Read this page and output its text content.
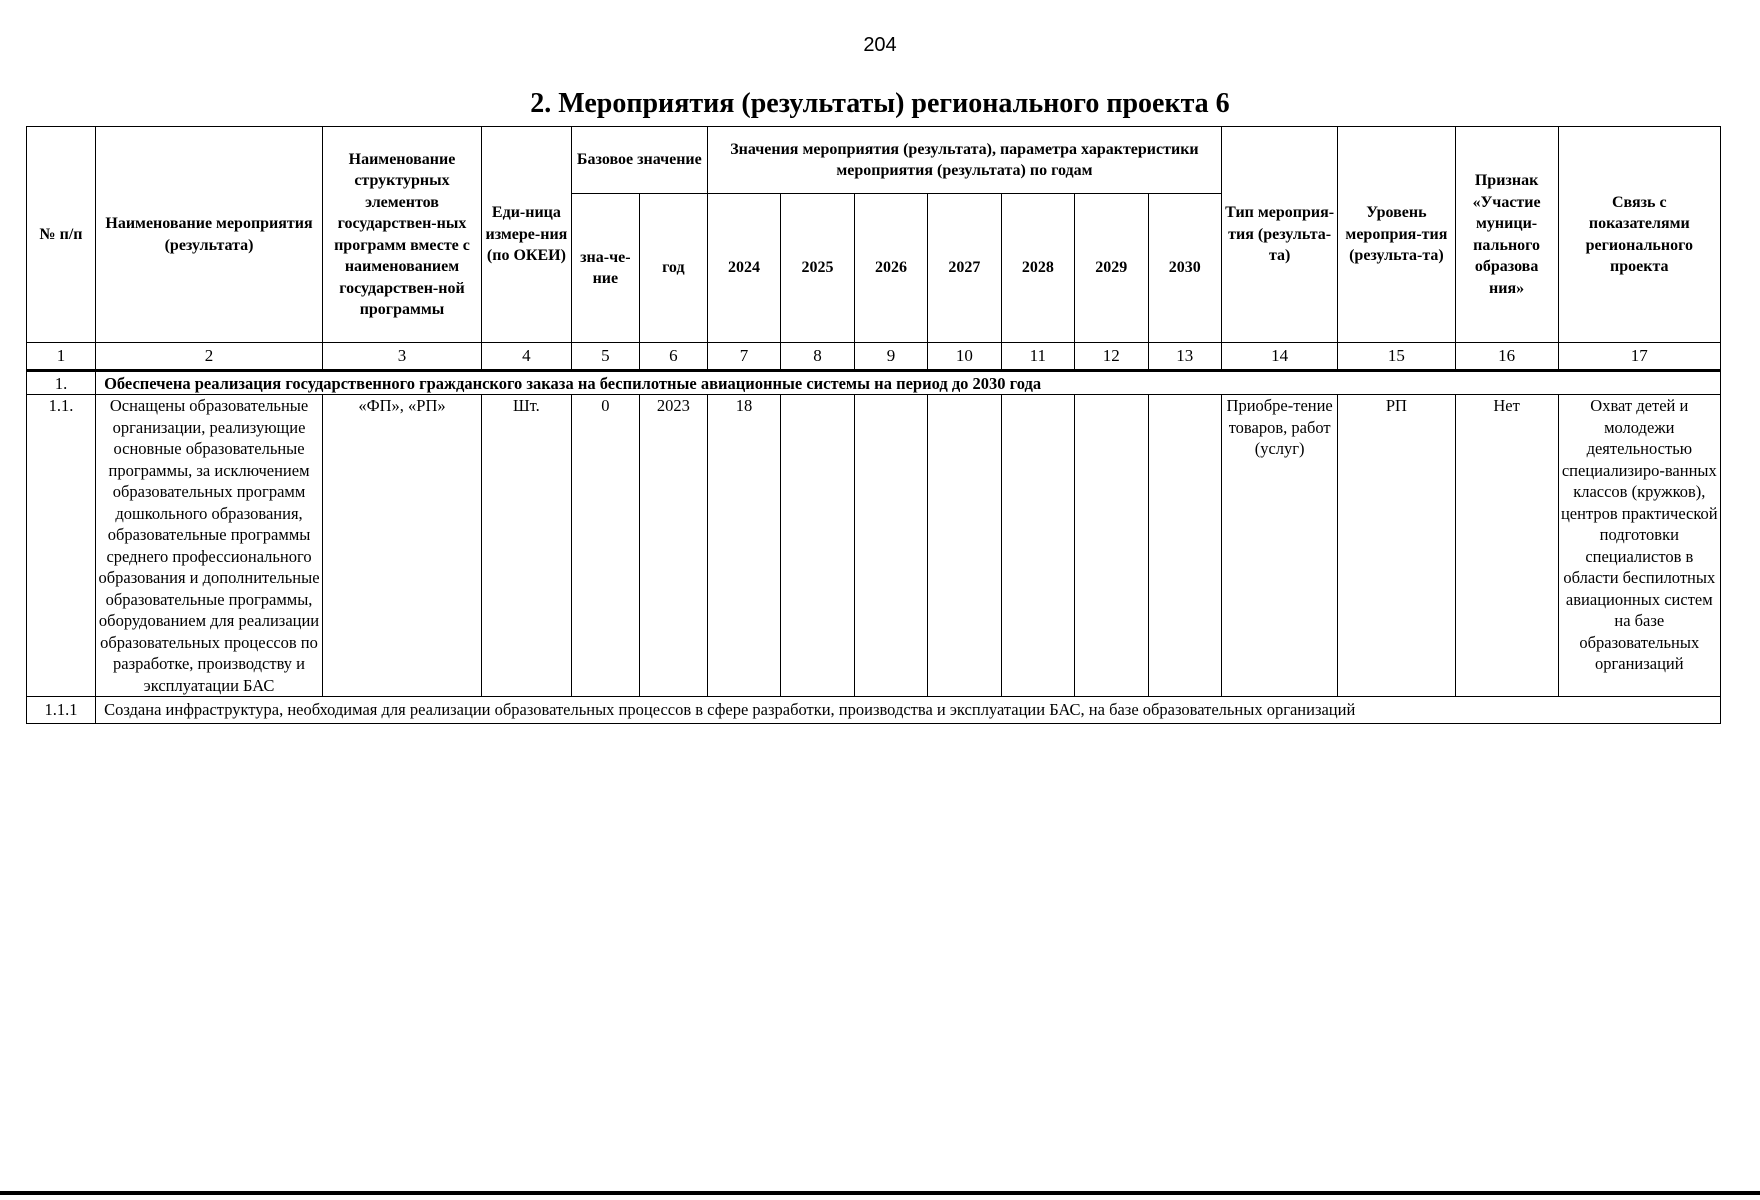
204
2. Мероприятия (результаты) регионального проекта 6
№ п/п	Наименование мероприятия (результата)	Наименование структурных элементов государствен-ных программ вместе с наименованием государствен-ной программы	Еди-ница измере-ния (по ОКЕИ)	Базовое значение		Значения мероприятия (результата), параметра характеристики мероприятия (результата) по годам							Тип мероприя-тия (результа-та)	Уровень мероприя-тия (результа-та)	Признак «Участие муници-пального образова ния»	Связь с показателями регионального проекта
				зна-че-ние	год	2024	2025	2026	2027	2028	2029	2030				
1	2	3	4	5	6	7	8	9	10	11	12	13	14	15	16	17
1.	Обеспечена реализация государственного гражданского заказа на беспилотные авиационные системы на период до 2030 года															
1.1.	Оснащены образовательные организации, реализующие основные образовательные программы, за исключением образовательных программ дошкольного образования, образовательные программы среднего профессионального образования и дополнительные образовательные программы, оборудованием для реализации образовательных процессов по разработке, производству и эксплуатации БАС	«ФП», «РП»	Шт.	0	2023	18							Приобре-тение товаров, работ (услуг)	РП	Нет	Охват детей и молодежи деятельностью специализиро-ванных классов (кружков), центров практической подготовки специалистов в области беспилотных авиационных систем на базе образовательных организаций
1.1.1	Создана инфраструктура, необходимая для реализации образовательных процессов в сфере разработки, производства и эксплуатации БАС, на базе образовательных организаций															
